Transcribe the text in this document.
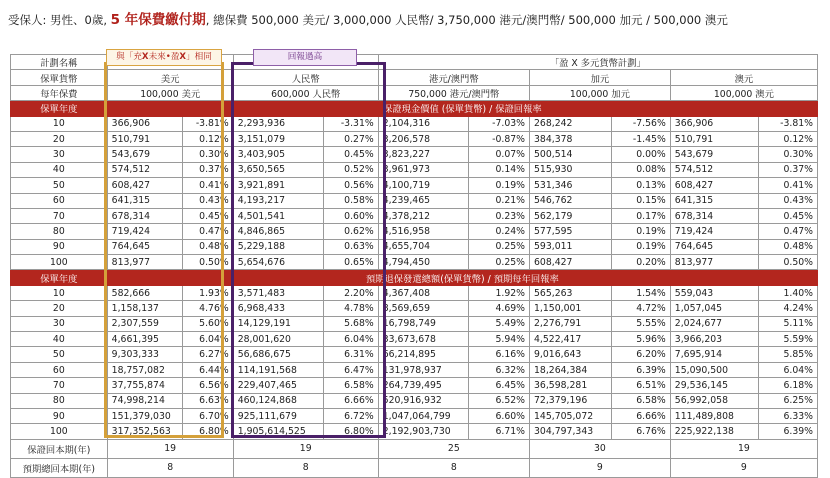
受保人: 男性、0歲, 5 年保費繳付期, 總保費 500,000 美元/ 3,000,000 人民幣/ 3,750,000 港元/澳門幣/ 500,000 加元 / 500,000 澳元
計劃名稱					「盈 X 多元貨幣計劃」					
保單貨幣	美元		人民幣		港元/澳門幣		加元		澳元	
每年保費	100,000 美元		600,000 人民幣		750,000 港元/澳門幣		100,000 加元		100,000 澳元	
保單年度	保證現金價值 (保單貨幣) / 保證回報率									
10	366,906	-3.81%	2,293,936	-3.31%	2,104,316	-7.03%	268,242	-7.56%	366,906	-3.81%
20	510,791	0.12%	3,151,079	0.27%	3,206,578	-0.87%	384,378	-1.45%	510,791	0.12%
30	543,679	0.30%	3,403,905	0.45%	3,823,227	0.07%	500,514	0.00%	543,679	0.30%
40	574,512	0.37%	3,650,565	0.52%	3,961,973	0.14%	515,930	0.08%	574,512	0.37%
50	608,427	0.41%	3,921,891	0.56%	4,100,719	0.19%	531,346	0.13%	608,427	0.41%
60	641,315	0.43%	4,193,217	0.58%	4,239,465	0.21%	546,762	0.15%	641,315	0.43%
70	678,314	0.45%	4,501,541	0.60%	4,378,212	0.23%	562,179	0.17%	678,314	0.45%
80	719,424	0.47%	4,846,865	0.62%	4,516,958	0.24%	577,595	0.19%	719,424	0.47%
90	764,645	0.48%	5,229,188	0.63%	4,655,704	0.25%	593,011	0.19%	764,645	0.48%
100	813,977	0.50%	5,654,676	0.65%	4,794,450	0.25%	608,427	0.20%	813,977	0.50%
保單年度	預期退保發還總額(保單貨幣) / 預期每年回報率									
10	582,666	1.93%	3,571,483	2.20%	4,367,408	1.92%	565,263	1.54%	559,043	1.40%
20	1,158,137	4.76%	6,968,433	4.78%	8,569,659	4.69%	1,150,001	4.72%	1,057,045	4.24%
30	2,307,559	5.60%	14,129,191	5.68%	16,798,749	5.49%	2,276,791	5.55%	2,024,677	5.11%
40	4,661,395	6.04%	28,001,620	6.04%	33,673,678	5.94%	4,522,417	5.96%	3,966,203	5.59%
50	9,303,333	6.27%	56,686,675	6.31%	66,214,895	6.16%	9,016,643	6.20%	7,695,914	5.85%
60	18,757,082	6.44%	114,191,568	6.47%	131,978,937	6.32%	18,264,384	6.39%	15,090,500	6.04%
70	37,755,874	6.56%	229,407,465	6.58%	264,739,495	6.45%	36,598,281	6.51%	29,536,145	6.18%
80	74,998,214	6.63%	460,124,868	6.66%	520,916,932	6.52%	72,379,196	6.58%	56,992,058	6.25%
90	151,379,030	6.70%	925,111,679	6.72%	1,047,064,799	6.60%	145,705,072	6.66%	111,489,808	6.33%
100	317,352,563	6.80%	1,905,614,525	6.80%	2,192,903,730	6.71%	304,797,343	6.76%	225,922,138	6.39%
保證回本期(年)	19		19		25		30		19	
預期總回本期(年)	8		8		8		9		9	
與「充X未來•盈X」相同	回報過高
